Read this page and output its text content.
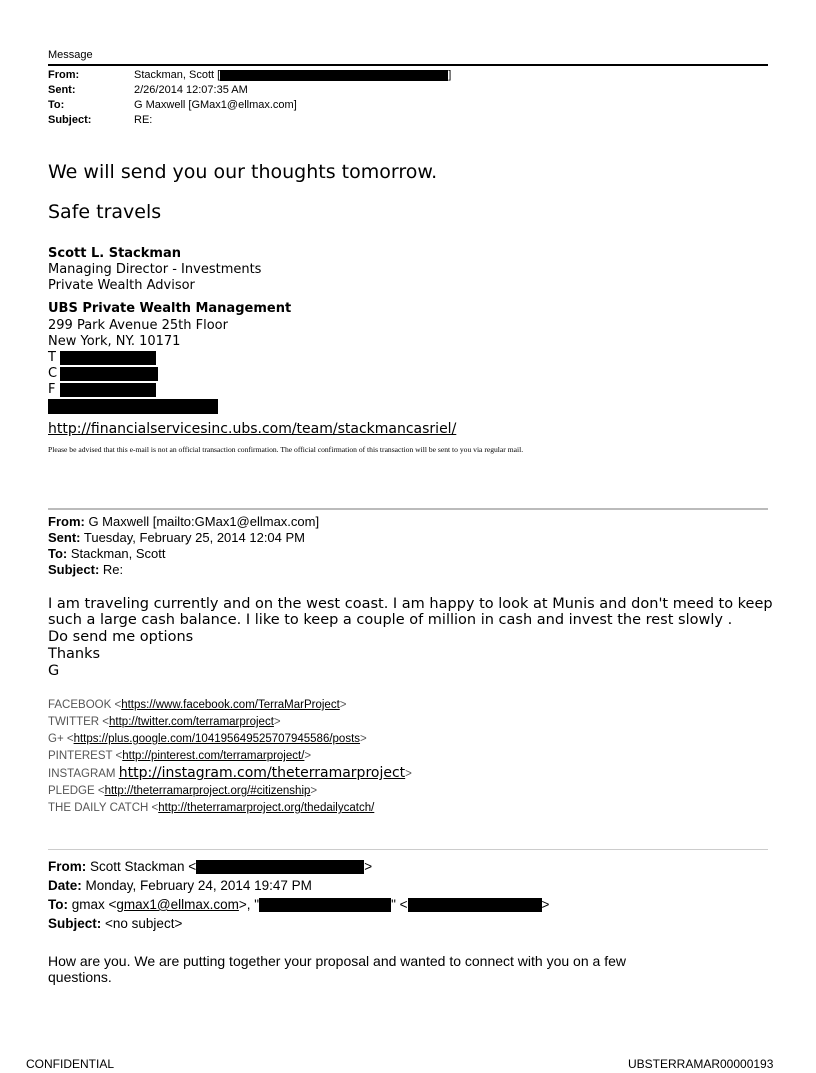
Message
From:	Stackman, Scott [	]
Sent:	2/26/2014 12:07:35 AM
To:	G Maxwell [GMax1@ellmax.com]
Subject:	RE:
We will send you our thoughts tomorrow.
Safe travels
Scott L. Stackman
Managing Director - Investments
Private Wealth Advisor
UBS Private Wealth Management
299 Park Avenue 25th Floor
New York, NY. 10171
T
C
F
http://financialservicesinc.ubs.com/team/stackmancasriel/
Please be advised that this e-mail is not an official transaction confirmation. The official confirmation of this transaction will be sent to you via regular mail.
From: G Maxwell [mailto:GMax1@ellmax.com]
Sent: Tuesday, February 25, 2014 12:04 PM
To: Stackman, Scott
Subject: Re:
I am traveling currently and on the west coast. I am happy to look at Munis and don't meed to keep
such a large cash balance. I like to keep a couple of million in cash and invest the rest slowly .
Do send me options
Thanks
G
FACEBOOK <https://www.facebook.com/TerraMarProject>
TWITTER <http://twitter.com/terramarproject>
G+ <https://plus.google.com/104195649525707945586/posts>
PINTEREST <http://pinterest.com/terramarproject/>
INSTAGRAM http://instagram.com/theterramarproject>
PLEDGE <http://theterramarproject.org/#citizenship>
THE DAILY CATCH <http://theterramarproject.org/thedailycatch/
From: Scott Stackman <	>
Date: Monday, February 24, 2014 19:47 PM
To: gmax <gmax1@ellmax.com>, "	" <	>
Subject: <no subject>
How are you. We are putting together your proposal and wanted to connect with you on a few
questions.
CONFIDENTIAL	UBSTERRAMAR00000193
